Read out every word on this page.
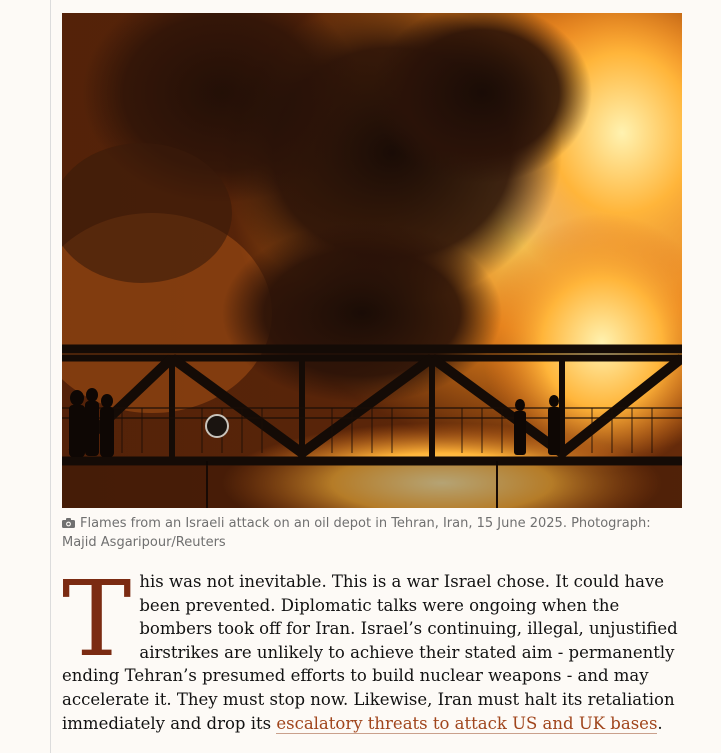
Flames from an Israeli attack on an oil depot in Tehran, Iran, 15 June 2025. Photograph: Majid Asgaripour/Reuters
This was not inevitable. This is a war Israel chose. It could have been prevented. Diplomatic talks were ongoing when the bombers took off for Iran. Israel’s continuing, illegal, unjustified airstrikes are unlikely to achieve their stated aim - permanently ending Tehran’s presumed efforts to build nuclear weapons - and may accelerate it. They must stop now. Likewise, Iran must halt its retaliation immediately and drop its escalatory threats to attack US and UK bases.
